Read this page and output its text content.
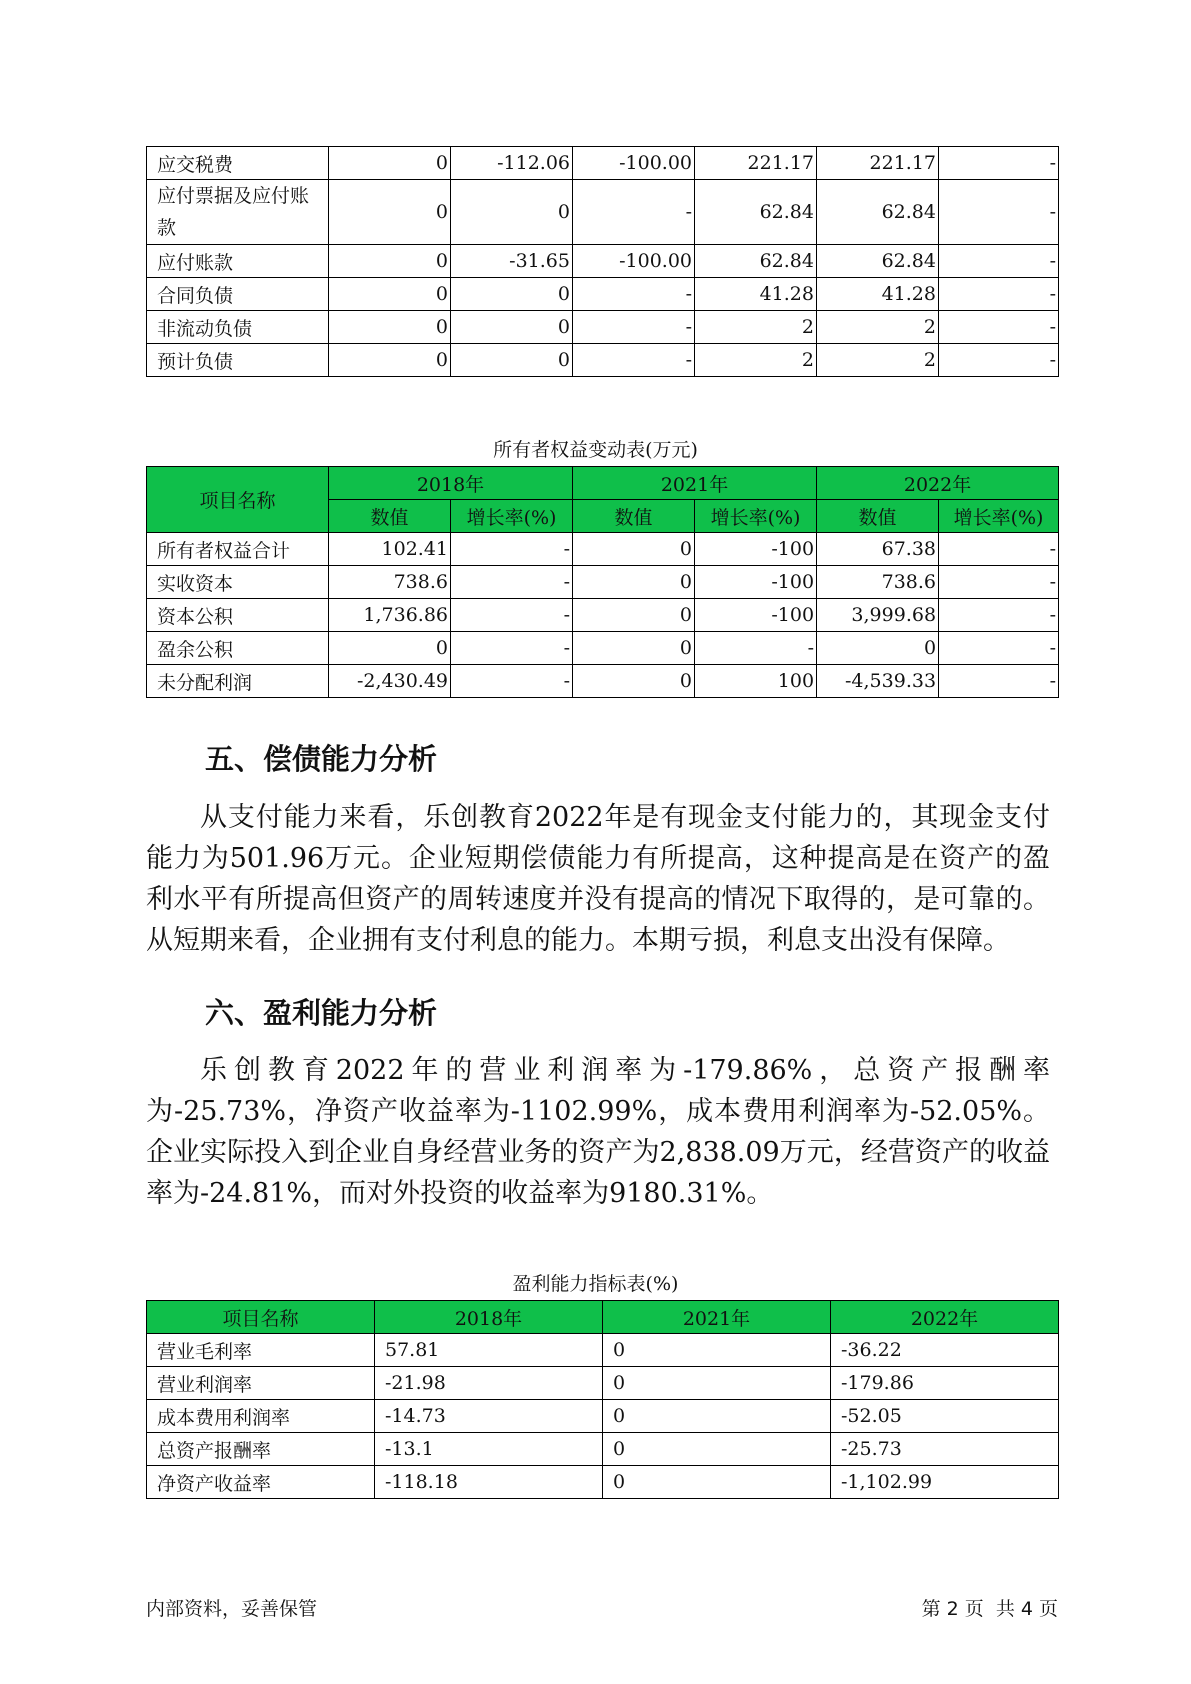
应交税费	0	-112.06	-100.00	221.17	221.17	-
应付票据及应付账款	0	0	-	62.84	62.84	-
应付账款	0	-31.65	-100.00	62.84	62.84	-
合同负债	0	0	-	41.28	41.28	-
非流动负债	0	0	-	2	2	-
预计负债	0	0	-	2	2	-
所有者权益变动表(万元)
项目名称	2018年		2021年		2022年	
	数值	增长率(%)	数值	增长率(%)	数值	增长率(%)
所有者权益合计	102.41	-	0	-100	67.38	-
实收资本	738.6	-	0	-100	738.6	-
资本公积	1,736.86	-	0	-100	3,999.68	-
盈余公积	0	-	0	-	0	-
未分配利润	-2,430.49	-	0	100	-4,539.33	-
五、偿债能力分析

从支付能力来看，乐创教育2022年是有现金支付能力的，其现金支付能力为501.96万元。企业短期偿债能力有所提高，这种提高是在资产的盈利水平有所提高但资产的周转速度并没有提高的情况下取得的，是可靠的。从短期来看，企业拥有支付利息的能力。本期亏损，利息支出没有保障。

六、盈利能力分析

乐创教育2022年的营业利润率为-179.86%，总资产报酬率为-25.73%，净资产收益率为-1102.99%，成本费用利润率为-52.05%。企业实际投入到企业自身经营业务的资产为2,838.09万元，经营资产的收益率为-24.81%，而对外投资的收益率为9180.31%。

盈利能力指标表(%)
项目名称	2018年	2021年	2022年
营业毛利率	57.81	0	-36.22
营业利润率	-21.98	0	-179.86
成本费用利润率	-14.73	0	-52.05
总资产报酬率	-13.1	0	-25.73
净资产收益率	-118.18	0	-1,102.99
内部资料，妥善保管	第 2 页  共 4 页
